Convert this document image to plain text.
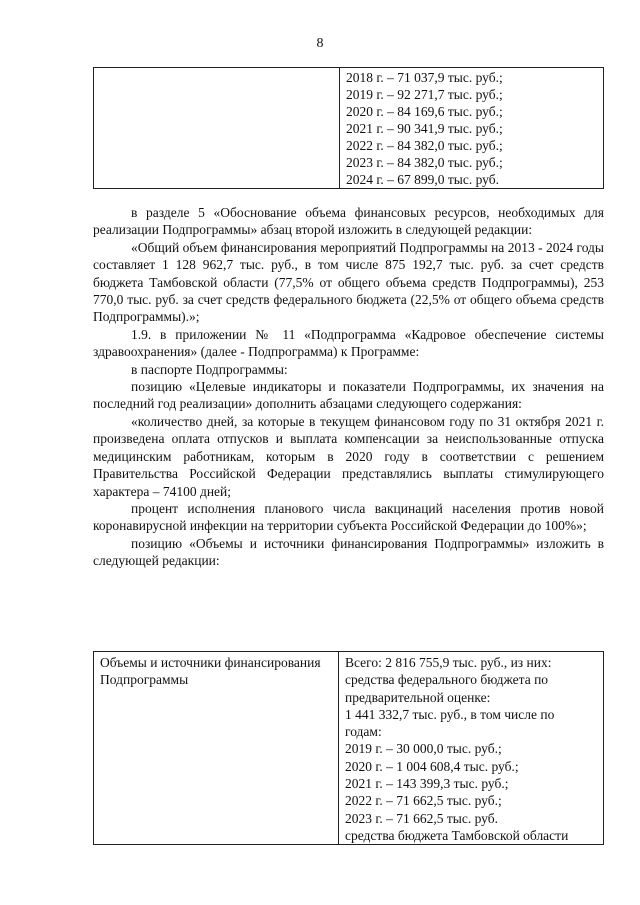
8
2018 г. – 71 037,9 тыс. руб.;
2019 г. – 92 271,7 тыс. руб.;
2020 г. – 84 169,6 тыс. руб.;
2021 г. – 90 341,9 тыс. руб.;
2022 г. – 84 382,0 тыс. руб.;
2023 г. – 84 382,0 тыс. руб.;
2024 г. – 67 899,0 тыс. руб.

в разделе 5 «Обоснование объема финансовых ресурсов, необходимых для реализации Подпрограммы» абзац второй изложить в следующей редакции:

«Общий объем финансирования мероприятий Подпрограммы на 2013 - 2024 годы составляет 1 128 962,7 тыс. руб., в том числе 875 192,7 тыс. руб. за счет средств бюджета Тамбовской области (77,5% от общего объема средств Подпрограммы), 253 770,0 тыс. руб. за счет средств федерального бюджета (22,5% от общего объема средств Подпрограммы).»;

1.9. в приложении № 11 «Подпрограмма «Кадровое обеспечение системы здравоохранения» (далее - Подпрограмма) к Программе:

в паспорте Подпрограммы:

позицию «Целевые индикаторы и показатели Подпрограммы, их значения на последний год реализации» дополнить абзацами следующего содержания:

«количество дней, за которые в текущем финансовом году по 31 октября 2021 г. произведена оплата отпусков и выплата компенсации за неиспользованные отпуска медицинским работникам, которым в 2020 году в соответствии с решением Правительства Российской Федерации представлялись выплаты стимулирующего характера – 74100 дней;

процент исполнения планового числа вакцинаций населения против новой коронавирусной инфекции на территории субъекта Российской Федерации до 100%»;

позицию «Объемы и источники финансирования Подпрограммы» изложить в следующей редакции:

Объемы и источники финансирования Подпрограммы
Всего: 2 816 755,9 тыс. руб., из них:
средства федерального бюджета по
предварительной оценке:
1 441 332,7 тыс. руб., в том числе по
годам:
2019 г. – 30 000,0 тыс. руб.;
2020 г. – 1 004 608,4 тыс. руб.;
2021 г. – 143 399,3 тыс. руб.;
2022 г. – 71 662,5 тыс. руб.;
2023 г. – 71 662,5 тыс. руб.
средства бюджета Тамбовской области
